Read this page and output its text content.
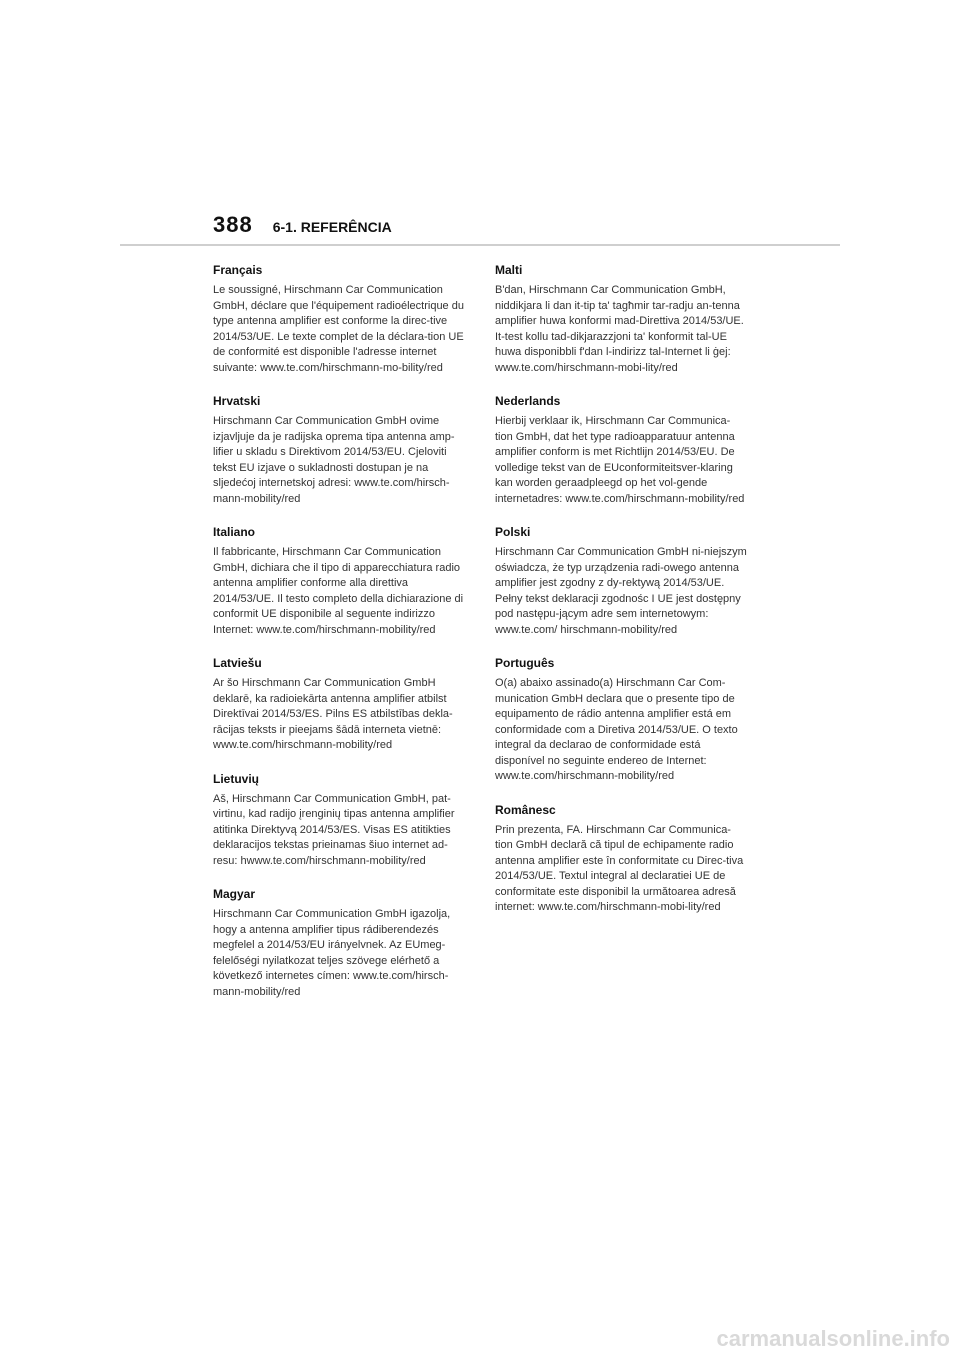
388 6-1. REFERÊNCIA
Français

Le soussigné, Hirschmann Car Communication GmbH, déclare que l'équipement radioélectrique du type antenna amplifier est conforme la direc-tive 2014/53/UE. Le texte complet de la déclara-tion UE de conformité est disponible l'adresse internet suivante: www.te.com/hirschmann-mo-bility/red

Hrvatski

Hirschmann Car Communication GmbH ovime izjavljuje da je radijska oprema tipa antenna amp-lifier u skladu s Direktivom 2014/53/EU. Cjeloviti tekst EU izjave o sukladnosti dostupan je na sljedećoj internetskoj adresi: www.te.com/hirsch-mann-mobility/red

Italiano

Il fabbricante, Hirschmann Car Communication GmbH, dichiara che il tipo di apparecchiatura radio antenna amplifier conforme alla direttiva 2014/53/UE. Il testo completo della dichiarazione di conformit UE disponibile al seguente indirizzo Internet: www.te.com/hirschmann-mobility/red

Latviešu

Ar šo Hirschmann Car Communication GmbH deklarē, ka radioiekārta antenna amplifier atbilst Direktīvai 2014/53/ES. Pilns ES atbilstības dekla-rācijas teksts ir pieejams šādā interneta vietnē: www.te.com/hirschmann-mobility/red

Lietuvių

Aš, Hirschmann Car Communication GmbH, pat-virtinu, kad radijo įrenginių tipas antenna amplifier atitinka Direktyvą 2014/53/ES. Visas ES atitikties deklaracijos tekstas prieinamas šiuo internet ad-resu: hwww.te.com/hirschmann-mobility/red

Magyar

Hirschmann Car Communication GmbH igazolja, hogy a antenna amplifier tipus rádiberendezés megfelel a 2014/53/EU irányelvnek. Az EUmeg-felelőségi nyilatkozat teljes szövege elérhető a következő internetes címen: www.te.com/hirsch-mann-mobility/red

Malti

B'dan, Hirschmann Car Communication GmbH, niddikjara li dan it-tip ta' tagħmir tar-radju an-tenna amplifier huwa konformi mad-Direttiva 2014/53/UE. It-test kollu tad-dikjarazzjoni ta' konformit tal-UE huwa disponibbli f'dan l-indirizz tal-Internet li ġej: www.te.com/hirschmann-mobi-lity/red

Nederlands

Hierbij verklaar ik, Hirschmann Car Communica-tion GmbH, dat het type radioapparatuur antenna amplifier conform is met Richtlijn 2014/53/EU. De volledige tekst van de EUconformiteitsver-klaring kan worden geraadpleegd op het vol-gende internetadres: www.te.com/hirschmann-mobility/red

Polski

Hirschmann Car Communication GmbH ni-niejszym oświadcza, że typ urządzenia radi-owego antenna amplifier jest zgodny z dy-rektywą 2014/53/UE. Pełny tekst deklaracji zgodnośc I UE jest dostępny pod następu-jącym adre sem internetowym: www.te.com/ hirschmann-mobility/red

Português

O(a) abaixo assinado(a) Hirschmann Car Com-munication GmbH declara que o presente tipo de equipamento de rádio antenna amplifier está em conformidade com a Diretiva 2014/53/UE. O texto integral da declarao de conformidade está disponível no seguinte endereo de Internet: www.te.com/hirschmann-mobility/red

Românesc

Prin prezenta, FA. Hirschmann Car Communica-tion GmbH declară că tipul de echipamente radio antenna amplifier este în conformitate cu Direc-tiva 2014/53/UE. Textul integral al declaratiei UE de conformitate este disponibil la următoarea adresă internet: www.te.com/hirschmann-mobi-lity/red

carmanualsonline.info
